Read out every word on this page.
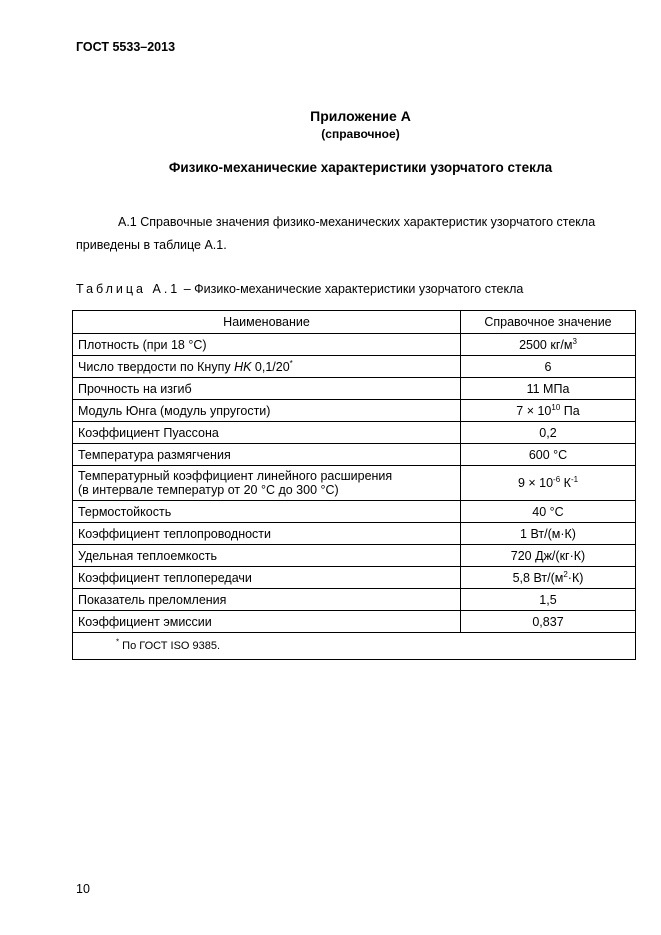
ГОСТ 5533–2013
Приложение А
(справочное)
Физико-механические характеристики узорчатого стекла
А.1 Справочные значения физико-механических характеристик узорчатого стекла приведены в таблице А.1.
Таблица А.1 – Физико-механические характеристики узорчатого стекла
Наименование	Справочное значение
Плотность (при 18 °С)	2500 $кг/м^3$
Число твердости по Кнупу HK 0,1/20*	6
Прочность на изгиб	11 МПа
Модуль Юнга (модуль упругости)	$7 \times 10^{10}$ Па
Коэффициент Пуассона	0,2
Температура размягчения	600 °С
Температурный коэффициент линейного расширения
(в интервале температур от 20 °С до 300 °С)	$9 \times 10^{-6}$ $К^{-1}$
Термостойкость	40 °С
Коэффициент теплопроводности	1 Вт/(м·К)
Удельная теплоемкость	720 Дж/(кг·К)
Коэффициент теплопередачи	5,8 $Вт/(м^2\cdot К)$
Показатель преломления	1,5
Коэффициент эмиссии	0,837
* По ГОСТ ISO 9385.	
10
